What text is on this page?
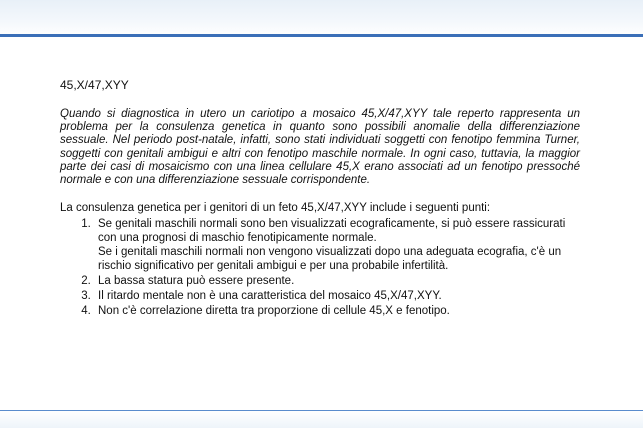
45,X/47,XYY

Quando si diagnostica in utero un cariotipo a mosaico 45,X/47,XYY tale reperto rappresenta un problema per la consulenza genetica in quanto sono possibili anomalie della differenziazione sessuale. Nel periodo post-natale, infatti, sono stati individuati soggetti con fenotipo femmina Turner, soggetti con genitali ambigui e altri con fenotipo maschile normale. In ogni caso, tuttavia, la maggior parte dei casi di mosaicismo con una linea cellulare 45,X erano associati ad un fenotipo pressoché normale e con una differenziazione sessuale corrispondente.

La consulenza genetica per i genitori di un feto 45,X/47,XYY include i seguenti punti:

1. Se genitali maschili normali sono ben visualizzati ecograficamente, si può essere rassicurati con una prognosi di maschio fenotipicamente normale.
Se i genitali maschili normali non vengono visualizzati dopo una adeguata ecografia, c'è un rischio significativo per genitali ambigui e per una probabile infertilità.
2. La bassa statura può essere presente.
3. Il ritardo mentale non è una caratteristica del mosaico 45,X/47,XYY.
4. Non c'è correlazione diretta tra proporzione di cellule 45,X e fenotipo.
